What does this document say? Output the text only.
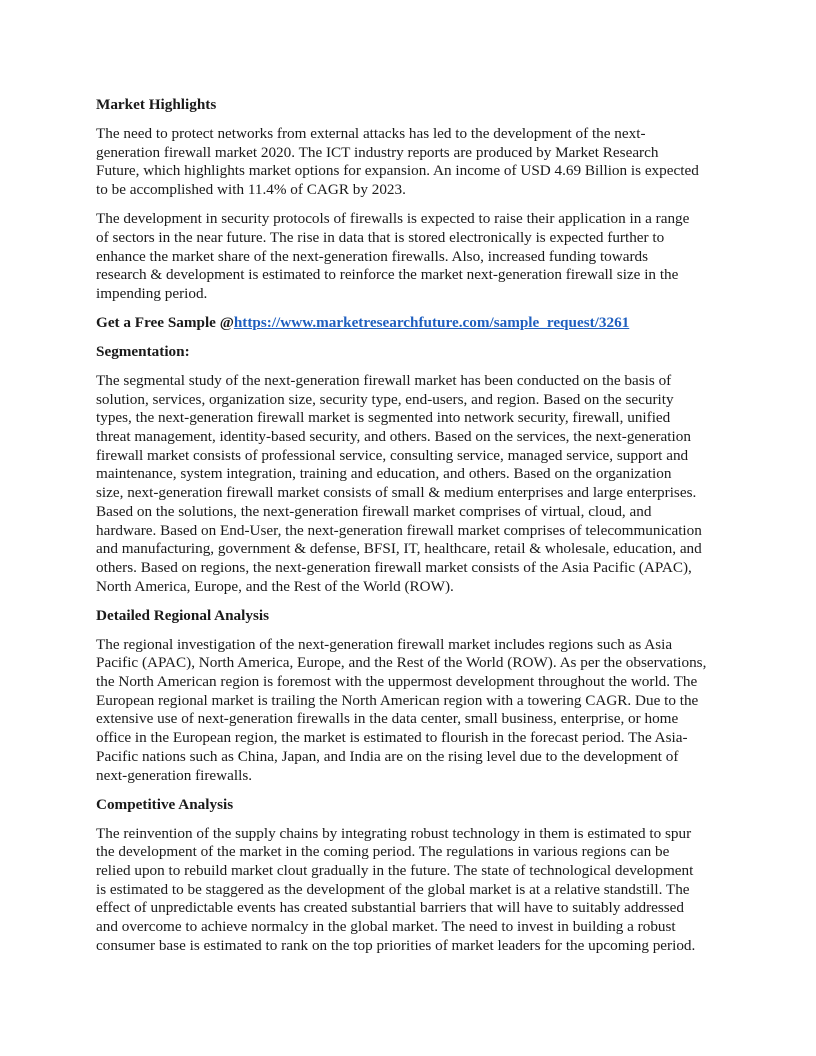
Market Highlights

The need to protect networks from external attacks has led to the development of the next-
generation firewall market 2020. The ICT industry reports are produced by Market Research
Future, which highlights market options for expansion. An income of USD 4.69 Billion is expected
to be accomplished with 11.4% of CAGR by 2023.

The development in security protocols of firewalls is expected to raise their application in a range
of sectors in the near future. The rise in data that is stored electronically is expected further to
enhance the market share of the next-generation firewalls. Also, increased funding towards
research & development is estimated to reinforce the market next-generation firewall size in the
impending period.

Get a Free Sample @https://www.marketresearchfuture.com/sample_request/3261

Segmentation:

The segmental study of the next-generation firewall market has been conducted on the basis of
solution, services, organization size, security type, end-users, and region. Based on the security
types, the next-generation firewall market is segmented into network security, firewall, unified
threat management, identity-based security, and others. Based on the services, the next-generation
firewall market consists of professional service, consulting service, managed service, support and
maintenance, system integration, training and education, and others. Based on the organization
size, next-generation firewall market consists of small & medium enterprises and large enterprises.
Based on the solutions, the next-generation firewall market comprises of virtual, cloud, and
hardware. Based on End-User, the next-generation firewall market comprises of telecommunication
and manufacturing, government & defense, BFSI, IT, healthcare, retail & wholesale, education, and
others. Based on regions, the next-generation firewall market consists of the Asia Pacific (APAC),
North America, Europe, and the Rest of the World (ROW).

Detailed Regional Analysis

The regional investigation of the next-generation firewall market includes regions such as Asia
Pacific (APAC), North America, Europe, and the Rest of the World (ROW). As per the observations,
the North American region is foremost with the uppermost development throughout the world. The
European regional market is trailing the North American region with a towering CAGR. Due to the
extensive use of next-generation firewalls in the data center, small business, enterprise, or home
office in the European region, the market is estimated to flourish in the forecast period. The Asia-
Pacific nations such as China, Japan, and India are on the rising level due to the development of
next-generation firewalls.

Competitive Analysis

The reinvention of the supply chains by integrating robust technology in them is estimated to spur
the development of the market in the coming period. The regulations in various regions can be
relied upon to rebuild market clout gradually in the future. The state of technological development
is estimated to be staggered as the development of the global market is at a relative standstill. The
effect of unpredictable events has created substantial barriers that will have to suitably addressed
and overcome to achieve normalcy in the global market. The need to invest in building a robust
consumer base is estimated to rank on the top priorities of market leaders for the upcoming period.
